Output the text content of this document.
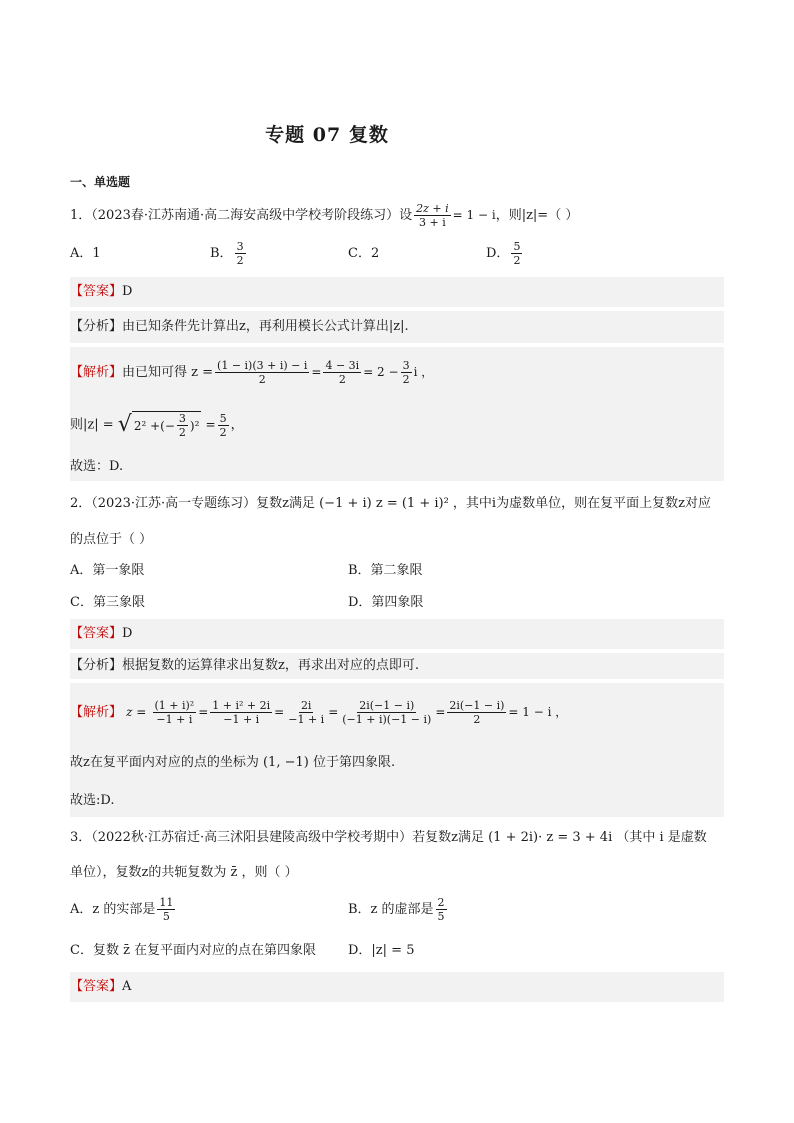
专题 07 复数
一、单选题
1．（2023春·江苏南通·高二海安高级中学校考阶段练习）设 $\frac{2z + i}{3 + i} = 1 - i$，则|z|=（ ）
A．1	B． $\frac{3}{2}$	C．2	D． $\frac{5}{2}$
【答案】D
【分析】由已知条件先计算出z，再利用模长公式计算出|z|.
【解析】由已知可得 $z = \frac{(1 - i)(3 + i) - i}{2} = \frac{4 - 3i}{2} = 2 - \frac{3}{2}$ i ，
则|z| = √ 2² + (− $\frac{3}{2} )^2 = \frac{5}{2}$ ，
故选：D.
2．（2023·江苏·高一专题练习）复数z满足 (−1 + i) z = (1 + i)² ，其中i为虚数单位，则在复平面上复数z对应
的点位于（ ）
A．第一象限	B．第二象限
C．第三象限	D．第四象限
【答案】D
【分析】根据复数的运算律求出复数z，再求出对应的点即可.
【解析】 $z = \frac{\text{(1 + i)²}}{-1 + i} = \frac{\text{1 + i² + 2i}}{-1 + i} = \frac{2i}{-1 + i} = \frac{2i(-1 - i)}{(-1 + i)(-1 - i)} = \frac{2i(-1 - i)}{2} = 1 - i$ ，
故z在复平面内对应的点的坐标为 (1, −1) 位于第四象限.
故选:D.
3．（2022秋·江苏宿迁·高三沭阳县建陵高级中学校考期中）若复数z满足 (1 + 2i)· z = 3 + 4i （其中 i 是虚数
单位），复数z的共轭复数为 z̄ ，则（ ）
A．z 的实部是 $\frac{11}{5}$	B．z 的虚部是 $\frac{2}{5}$
C．复数 z̄ 在复平面内对应的点在第四象限 D．|z| = 5
【答案】A
